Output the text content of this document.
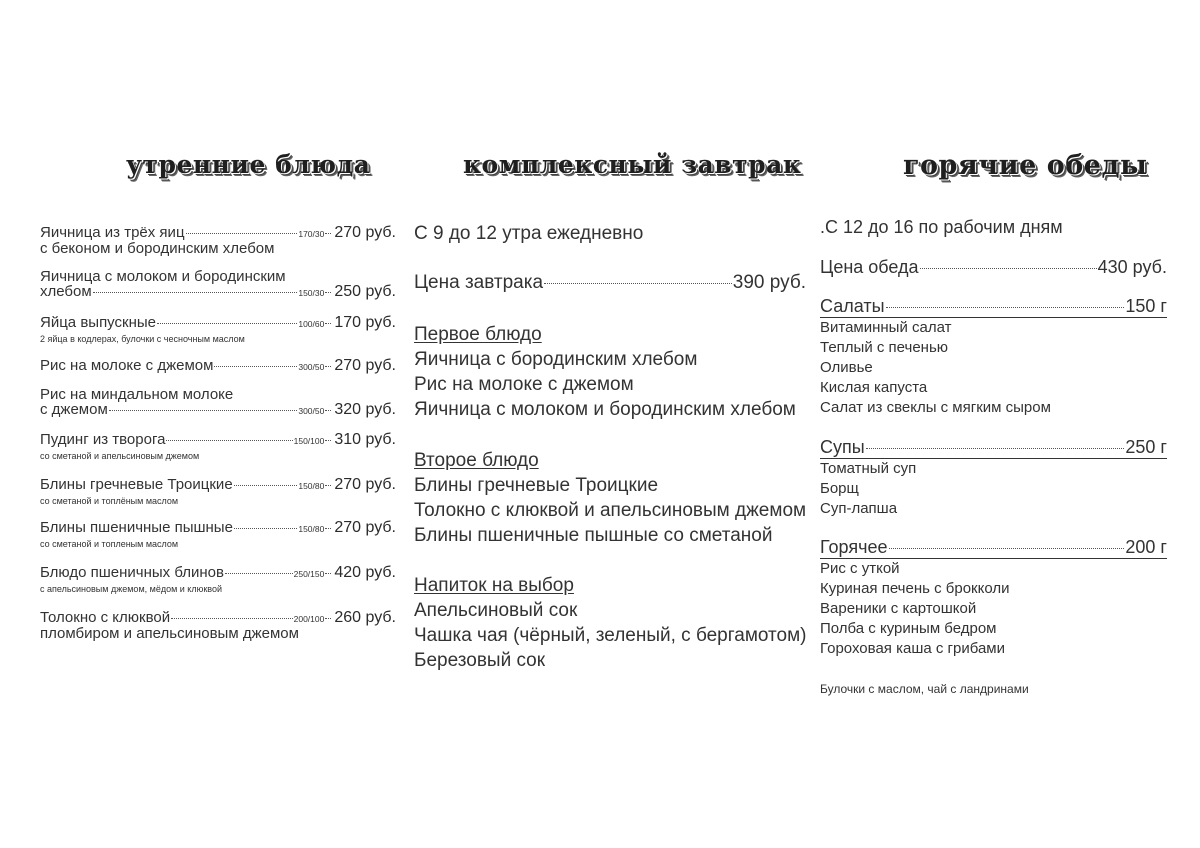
утренние блюда	комплексный завтрак	горячие обеды
Яичница из трёх яиц	170/30 270 руб.
с беконом и бородинским хлебом
Яичница с молоком и бородинским
хлебом	150/30 250 руб.
Яйца выпускные	100/60 170 руб.
2 яйца в кодлерах, булочки с чесночным маслом
Рис на молоке с джемом	300/50 270 руб.
Рис на миндальном молоке
с джемом	300/50 320 руб.
Пудинг из творога	150/100 310 руб.
со сметаной и апельсиновым джемом
Блины гречневые Троицкие	150/80 270 руб.
со сметаной и топлёным маслом
Блины пшеничные пышные	150/80 270 руб.
со сметаной и топленым маслом
Блюдо пшеничных блинов	250/150 420 руб.
с апельсиновым джемом, мёдом и клюквой
Толокно с клюквой	200/100 260 руб.
пломбиром и апельсиновым джемом
С 9 до 12 утра ежедневно
Цена завтрака	390 руб.
Первое блюдо
Яичница с бородинским хлебом
Рис на молоке с джемом
Яичница с молоком и бородинским хлебом
Второе блюдо
Блины гречневые Троицкие
Толокно с клюквой и апельсиновым джемом
Блины пшеничные пышные со сметаной
Напиток на выбор
Апельсиновый сок
Чашка чая (чёрный, зеленый, с бергамотом)
Березовый сок
.С 12 до 16 по рабочим дням
Цена обеда	430 руб.
Салаты	150 г
Витаминный салат
Теплый с печенью
Оливье
Кислая капуста
Салат из свеклы с мягким сыром
Супы	250 г
Томатный суп
Борщ
Суп-лапша
Горячее	200 г
Рис с уткой
Куриная печень с брокколи
Вареники с картошкой
Полба с куриным бедром
Гороховая каша с грибами
Булочки с маслом, чай с ландринами
